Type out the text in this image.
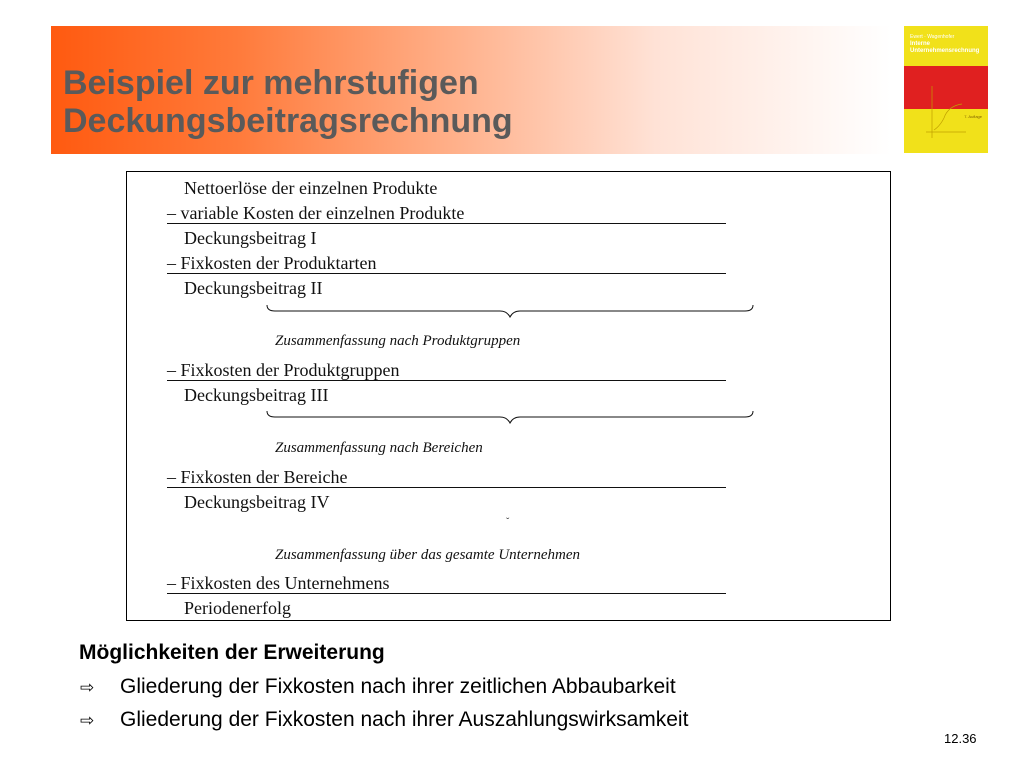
Beispiel zur mehrstufigen
Deckungsbeitragsrechnung
Ewert · Wagenhofer
Interne
Unternehmensrechnung
7. Auflage
Nettoerlöse der einzelnen Produkte
– variable Kosten der einzelnen Produkte
Deckungsbeitrag I
– Fixkosten der Produktarten
Deckungsbeitrag II
Zusammenfassung nach Produktgruppen
– Fixkosten der Produktgruppen
Deckungsbeitrag III
Zusammenfassung nach Bereichen
– Fixkosten der Bereiche
Deckungsbeitrag IV
ˇ
Zusammenfassung über das gesamte Unternehmen
– Fixkosten des Unternehmens
Periodenerfolg
Möglichkeiten der Erweiterung
⇨ Gliederung der Fixkosten nach ihrer zeitlichen Abbaubarkeit
⇨ Gliederung der Fixkosten nach ihrer Auszahlungswirksamkeit
12.36
